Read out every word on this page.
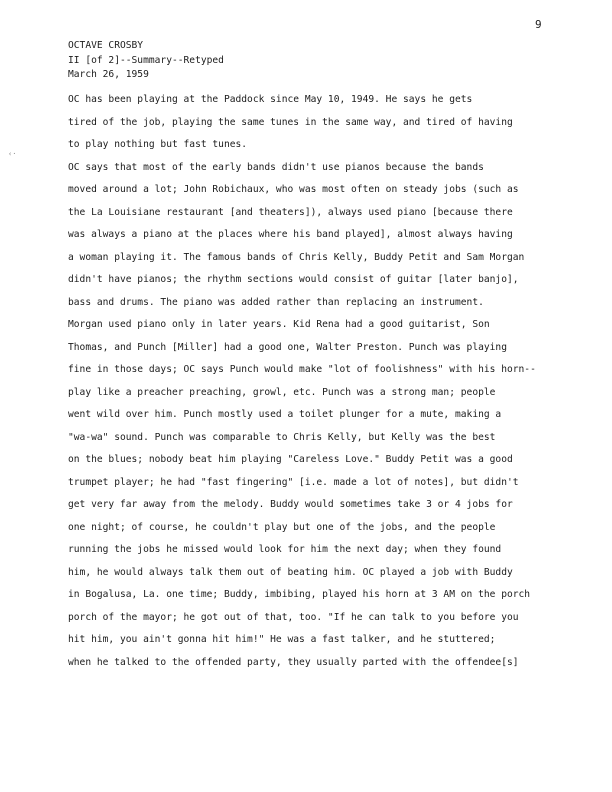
9
‹·
OCTAVE CROSBY
II [of 2]--Summary--Retyped
March 26, 1959
OC has been playing at the Paddock since May 10, 1949. He says he gets
tired of the job, playing the same tunes in the same way, and tired of having
to play nothing but fast tunes.
OC says that most of the early bands didn't use pianos because the bands
moved around a lot; John Robichaux, who was most often on steady jobs (such as
the La Louisiane restaurant [and theaters]), always used piano [because there
was always a piano at the places where his band played], almost always having
a woman playing it. The famous bands of Chris Kelly, Buddy Petit and Sam Morgan
didn't have pianos; the rhythm sections would consist of guitar [later banjo],
bass and drums. The piano was added rather than replacing an instrument.
Morgan used piano only in later years. Kid Rena had a good guitarist, Son
Thomas, and Punch [Miller] had a good one, Walter Preston. Punch was playing
fine in those days; OC says Punch would make "lot of foolishness" with his horn--
play like a preacher preaching, growl, etc. Punch was a strong man; people
went wild over him. Punch mostly used a toilet plunger for a mute, making a
"wa-wa" sound. Punch was comparable to Chris Kelly, but Kelly was the best
on the blues; nobody beat him playing "Careless Love." Buddy Petit was a good
trumpet player; he had "fast fingering" [i.e. made a lot of notes], but didn't
get very far away from the melody. Buddy would sometimes take 3 or 4 jobs for
one night; of course, he couldn't play but one of the jobs, and the people
running the jobs he missed would look for him the next day; when they found
him, he would always talk them out of beating him. OC played a job with Buddy
in Bogalusa, La. one time; Buddy, imbibing, played his horn at 3 AM on the porch
porch of the mayor; he got out of that, too. "If he can talk to you before you
hit him, you ain't gonna hit him!" He was a fast talker, and he stuttered;
when he talked to the offended party, they usually parted with the offendee[s]
